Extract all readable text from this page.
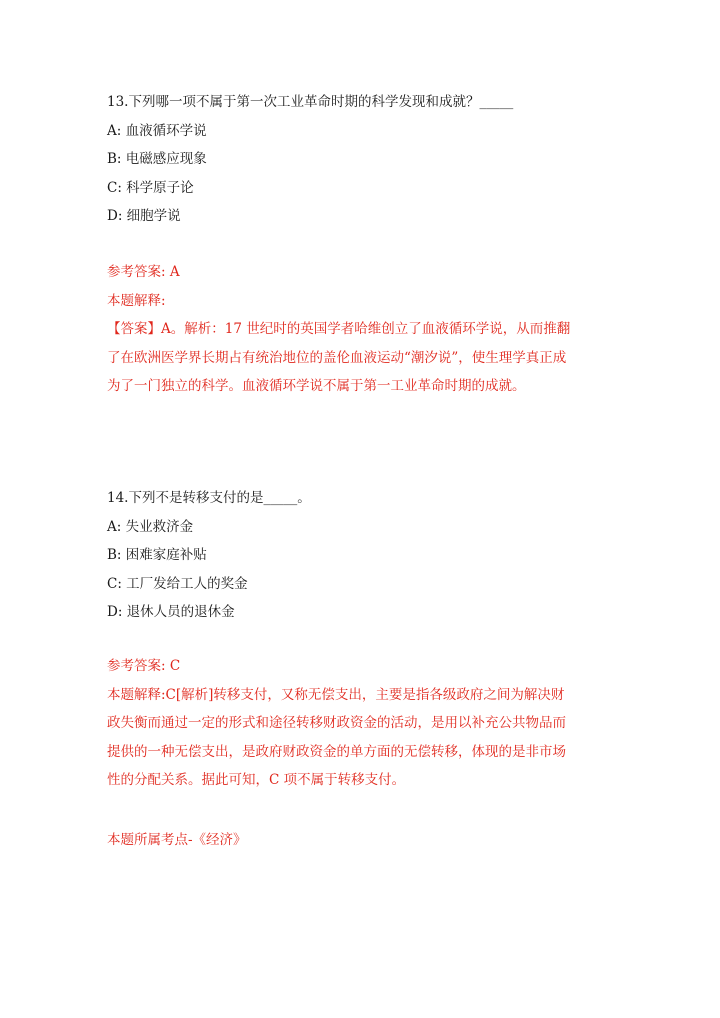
13.下列哪一项不属于第一次工业革命时期的科学发现和成就？_____
A: 血液循环学说
B: 电磁感应现象
C: 科学原子论
D: 细胞学说
参考答案: A
本题解释:
【答案】A。解析：17 世纪时的英国学者哈维创立了血液循环学说，从而推翻
了在欧洲医学界长期占有统治地位的盖伦血液运动“潮汐说”，使生理学真正成
为了一门独立的科学。血液循环学说不属于第一工业革命时期的成就。
14.下列不是转移支付的是_____。
A: 失业救济金
B: 困难家庭补贴
C: 工厂发给工人的奖金
D: 退休人员的退休金
参考答案: C
本题解释:C[解析]转移支付，又称无偿支出，主要是指各级政府之间为解决财
政失衡而通过一定的形式和途径转移财政资金的活动，是用以补充公共物品而
提供的一种无偿支出，是政府财政资金的单方面的无偿转移，体现的是非市场
性的分配关系。据此可知，C 项不属于转移支付。
本题所属考点-《经济》
